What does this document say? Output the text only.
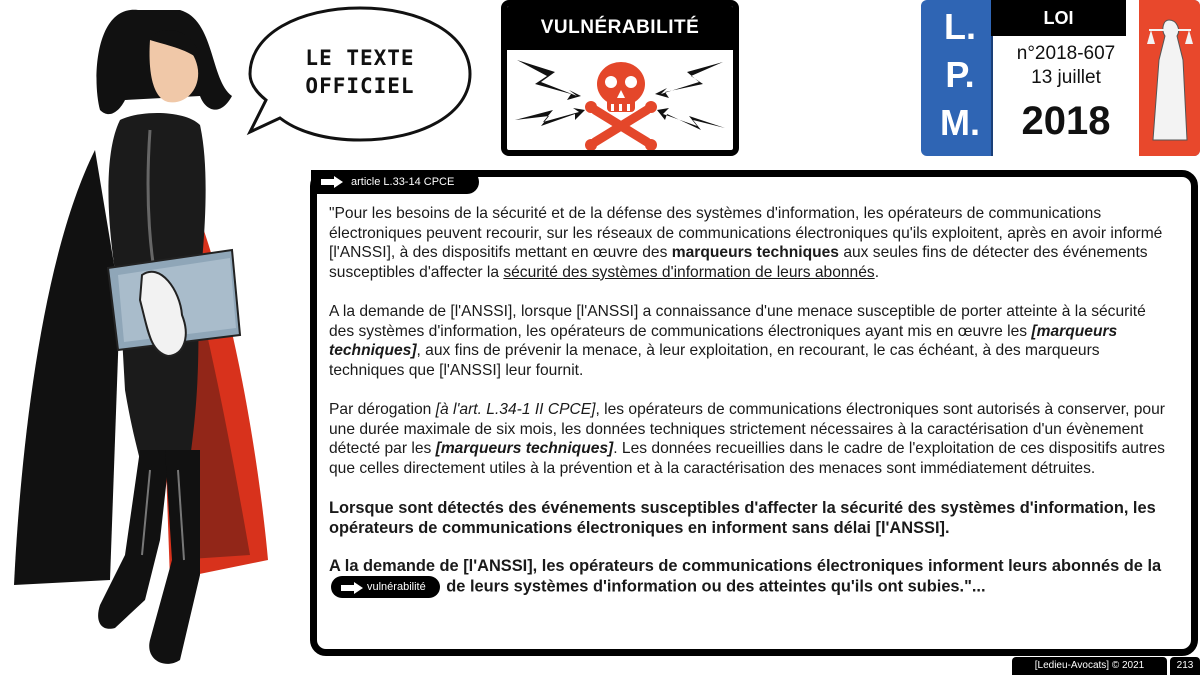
LE TEXTE
OFFICIEL
VULNÉRABILITÉ	L.
P.
M.
LOI
n°2018-607
13 juillet
2018
article L.33-14 CPCE

"Pour les besoins de la sécurité et de la défense des systèmes d'information, les opérateurs de communications électroniques peuvent recourir, sur les réseaux de communications électroniques qu'ils exploitent, après en avoir informé [l'ANSSI], à des dispositifs mettant en œuvre des marqueurs techniques aux seules fins de détecter des événements susceptibles d'affecter la sécurité des systèmes d'information de leurs abonnés.

A la demande de [l'ANSSI], lorsque [l'ANSSI] a connaissance d'une menace susceptible de porter atteinte à la sécurité des systèmes d'information, les opérateurs de communications électroniques ayant mis en œuvre les [marqueurs techniques], aux fins de prévenir la menace, à leur exploitation, en recourant, le cas échéant, à des marqueurs techniques que [l'ANSSI] leur fournit.

Par dérogation [à l'art. L.34-1 II CPCE], les opérateurs de communications électroniques sont autorisés à conserver, pour une durée maximale de six mois, les données techniques strictement nécessaires à la caractérisation d'un évènement détecté par les [marqueurs techniques]. Les données recueillies dans le cadre de l'exploitation de ces dispositifs autres que celles directement utiles à la prévention et à la caractérisation des menaces sont immédiatement détruites.

Lorsque sont détectés des événements susceptibles d'affecter la sécurité des systèmes d'information, les opérateurs de communications électroniques en informent sans délai [l'ANSSI].

A la demande de [l'ANSSI], les opérateurs de communications électroniques informent leurs abonnés de la
vulnérabilité de leurs systèmes d'information ou des atteintes qu'ils ont subies."...

[Ledieu-Avocats] © 2021	213
